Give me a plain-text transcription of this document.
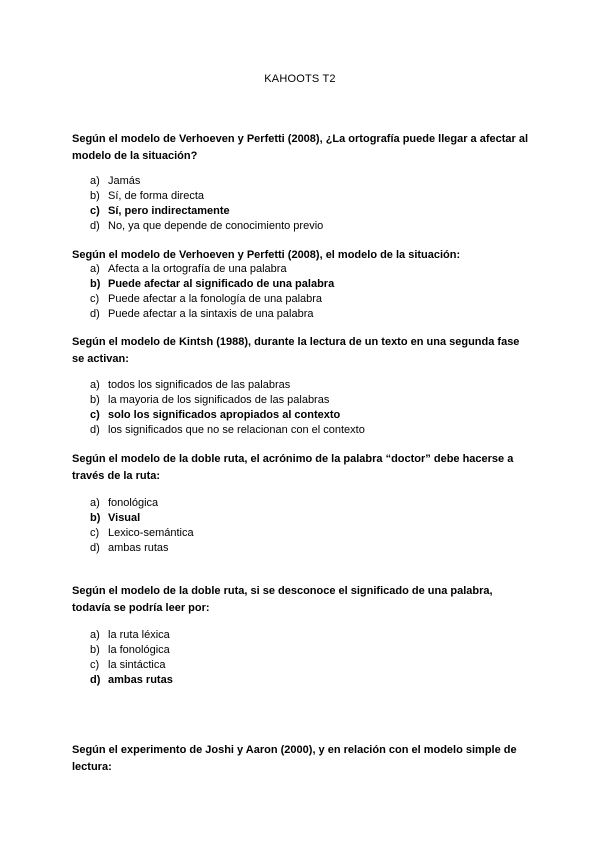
KAHOOTS T2
Según el modelo de Verhoeven y Perfetti (2008), ¿La ortografía puede llegar a afectar al modelo de la situación?
a) Jamás
b) Sí, de forma directa
c) Sí, pero indirectamente
d) No, ya que depende de conocimiento previo
Según el modelo de Verhoeven y Perfetti (2008), el modelo de la situación:
a) Afecta a la ortografía de una palabra
b) Puede afectar al significado de una palabra
c) Puede afectar a la fonología de una palabra
d) Puede afectar a la sintaxis de una palabra
Según el modelo de Kintsh (1988), durante la lectura de un texto en una segunda fase se activan:
a) todos los significados de las palabras
b) la mayoria de los significados de las palabras
c) solo los significados apropiados al contexto
d) los significados que no se relacionan con el contexto
Según el modelo de la doble ruta, el acrónimo de la palabra “doctor” debe hacerse a través de la ruta:
a) fonológica
b) Visual
c) Lexico-semántica
d) ambas rutas
Según el modelo de la doble ruta, si se desconoce el significado de una palabra, todavía se podría leer por:
a) la ruta léxica
b) la fonológica
c) la sintáctica
d) ambas rutas
Según el experimento de Joshi y Aaron (2000), y en relación con el modelo simple de lectura:
